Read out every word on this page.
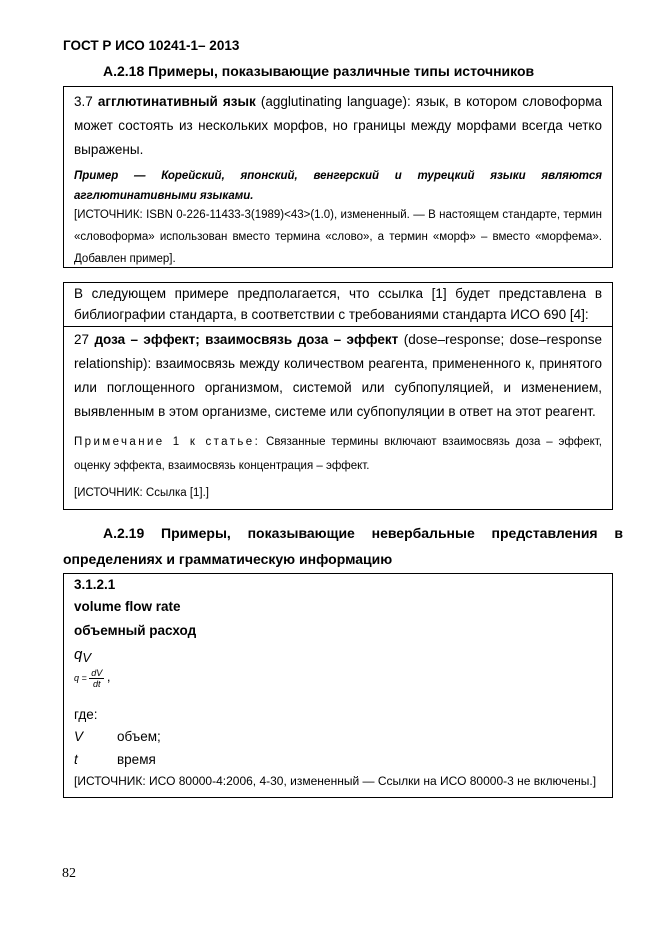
ГОСТ Р ИСО 10241-1– 2013
А.2.18 Примеры, показывающие различные типы источников
3.7 агглютинативный язык (agglutinating language): язык, в котором словоформа может состоять из нескольких морфов, но границы между морфами всегда четко выражены.
Пример — Корейский, японский, венгерский и турецкий языки являются агглютинативными языками.
[ИСТОЧНИК: ISBN 0-226-11433-3(1989)<43>(1.0), измененный. — В настоящем стандарте, термин «словоформа» использован вместо термина «слово», а термин «морф» – вместо «морфема». Добавлен пример].
В следующем примере предполагается, что ссылка [1] будет представлена в библиографии стандарта, в соответствии с требованиями стандарта ИСО 690 [4]:
27 доза – эффект; взаимосвязь доза – эффект (dose–response; dose–response relationship): взаимосвязь между количеством реагента, примененного к, принятого или поглощенного организмом, системой или субпопуляцией, и изменением, выявленным в этом организме, системе или субпопуляции в ответ на этот реагент.
Примечание 1 к статье: Связанные термины включают взаимосвязь доза – эффект, оценку эффекта, взаимосвязь концентрация – эффект.
[ИСТОЧНИК: Ссылка [1].]
А.2.19 Примеры, показывающие невербальные представления в
определениях и грамматическую информацию
3.1.2.1
volume flow rate
объемный расход
qV
$q = \frac{dV}{dt}$ ,
где:
V	объем;
t	время
[ИСТОЧНИК: ИСО 80000-4:2006, 4-30, измененный — Ссылки на ИСО 80000-3 не включены.]
82
